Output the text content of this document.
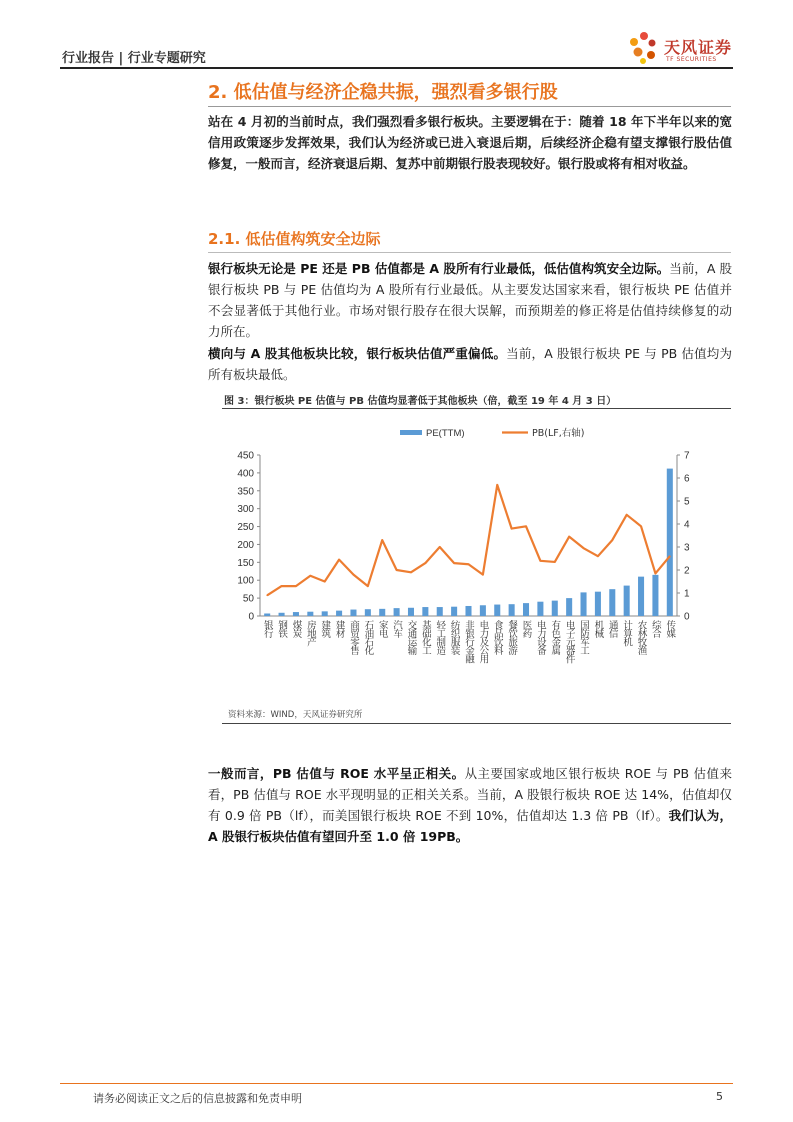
行业报告 | 行业专题研究
天风证券
TF SECURITIES
2. 低估值与经济企稳共振，强烈看多银行股
站在 4 月初的当前时点，我们强烈看多银行板块。主要逻辑在于：随着 18 年下半年以来的宽信用政策逐步发挥效果，我们认为经济或已进入衰退后期，后续经济企稳有望支撑银行股估值修复，一般而言，经济衰退后期、复苏中前期银行股表现较好。银行股或将有相对收益。
2.1. 低估值构筑安全边际
银行板块无论是 PE 还是 PB 估值都是 A 股所有行业最低，低估值构筑安全边际。当前，A 股银行板块 PB 与 PE 估值均为 A 股所有行业最低。从主要发达国家来看，银行板块 PE 估值并不会显著低于其他行业。市场对银行股存在很大误解，而预期差的修正将是估值持续修复的动力所在。
横向与 A 股其他板块比较，银行板块估值严重偏低。当前，A 股银行板块 PE 与 PB 估值均为所有板块最低。
图 3：银行板块 PE 估值与 PB 估值均显著低于其他板块（倍，截至 19 年 4 月 3 日）
PE(TTM)	PB(LF,右轴)
0
50
100
150
200
250
300
350
400
450
0
1
2
3
4
5
6
7
银行 钢铁 煤炭 房地产 建筑 建材 商贸零售 石油石化 家电 汽车 交通运输 基础化工 轻工制造 纺织服装 非银行金融 电力及公用 食品饮料 餐饮旅游 医药 电力设备 有色金属 电子元器件 国防军工 机械 通信 计算机 农林牧渔 综合 传媒
资料来源：WIND，天风证券研究所
一般而言，PB 估值与 ROE 水平呈正相关。从主要国家或地区银行板块 ROE 与 PB 估值来看，PB 估值与 ROE 水平现明显的正相关关系。当前，A 股银行板块 ROE 达 14%，估值却仅有 0.9 倍 PB（lf），而美国银行板块 ROE 不到 10%，估值却达 1.3 倍 PB（lf）。我们认为， A 股银行板块估值有望回升至 1.0 倍 19PB。
请务必阅读正文之后的信息披露和免责申明	5
